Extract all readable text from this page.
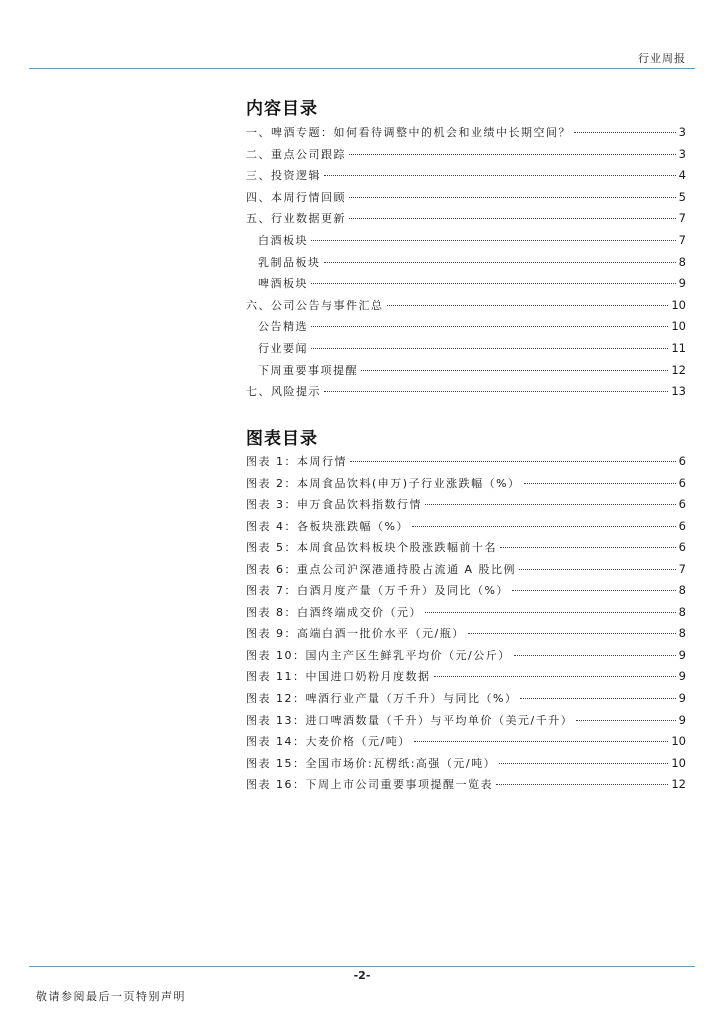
行业周报
内容目录
一、啤酒专题：如何看待调整中的机会和业绩中长期空间？	3
二、重点公司跟踪	3
三、投资逻辑	4
四、本周行情回顾	5
五、行业数据更新	7
白酒板块	7
乳制品板块	8
啤酒板块	9
六、公司公告与事件汇总	10
公告精选	10
行业要闻	11
下周重要事项提醒	12
七、风险提示	13
图表目录
图表 1：本周行情	6
图表 2：本周食品饮料(申万)子行业涨跌幅（%）	6
图表 3：申万食品饮料指数行情	6
图表 4：各板块涨跌幅（%）	6
图表 5：本周食品饮料板块个股涨跌幅前十名	6
图表 6：重点公司沪深港通持股占流通 A 股比例	7
图表 7：白酒月度产量（万千升）及同比（%）	8
图表 8：白酒终端成交价（元）	8
图表 9：高端白酒一批价水平（元/瓶）	8
图表 10：国内主产区生鲜乳平均价（元/公斤）	9
图表 11：中国进口奶粉月度数据	9
图表 12：啤酒行业产量（万千升）与同比（%）	9
图表 13：进口啤酒数量（千升）与平均单价（美元/千升）	9
图表 14：大麦价格（元/吨）	10
图表 15：全国市场价:瓦楞纸:高强（元/吨）	10
图表 16：下周上市公司重要事项提醒一览表	12
-2-
敬请参阅最后一页特别声明
